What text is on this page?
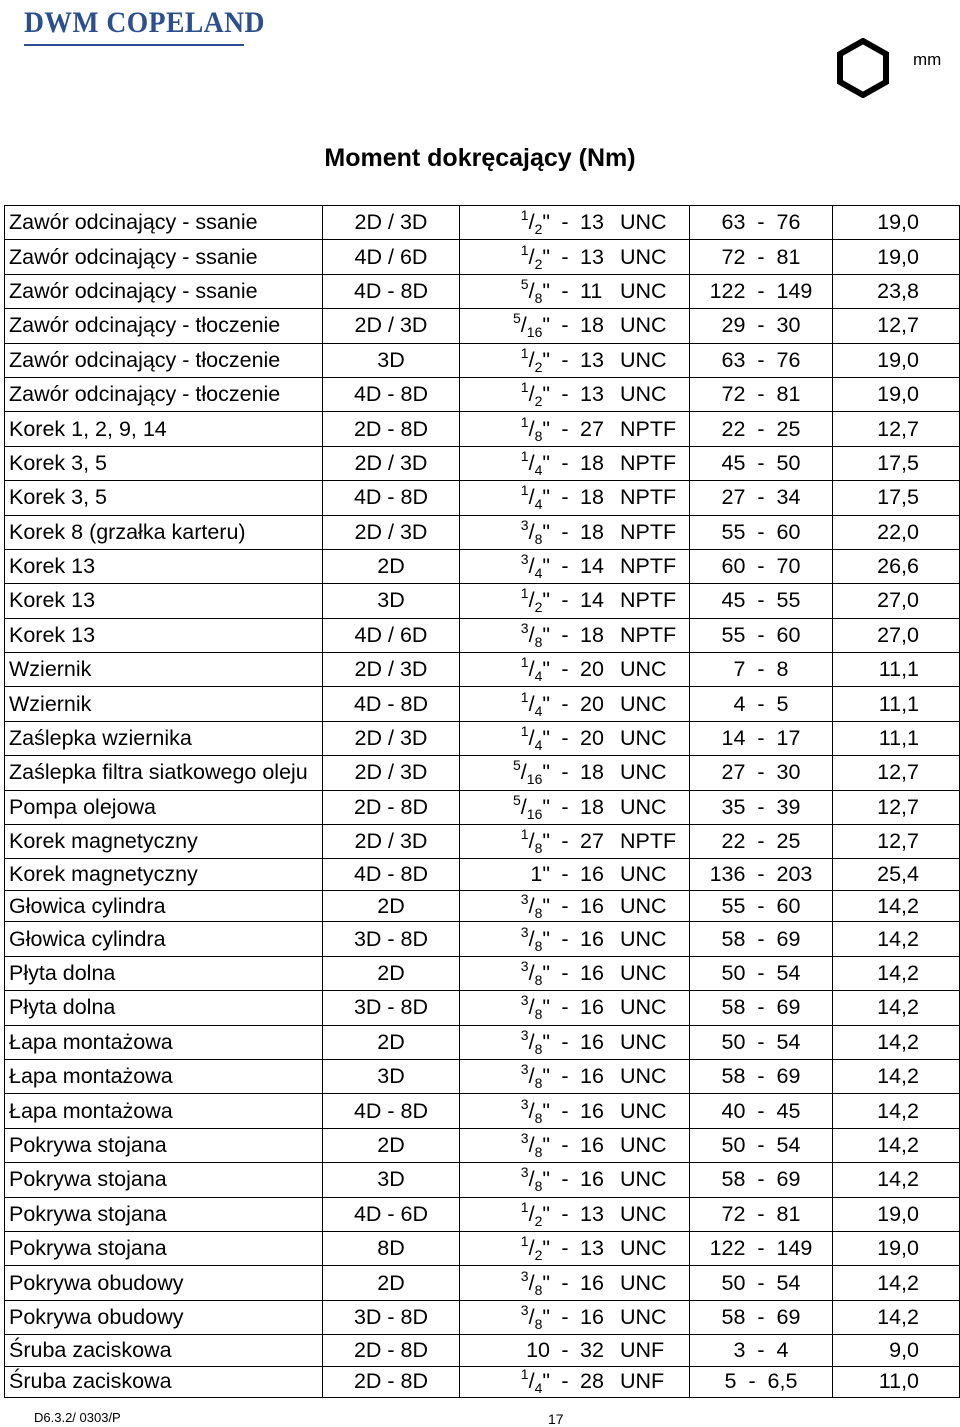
DWM COPELAND
mm
Moment dokręcający (Nm)
Zawór odcinający - ssanie	2D / 3D	$^1/_2$" - 13 UNC	63  -  76	19,0
Zawór odcinający - ssanie	4D / 6D	$^1/_2$" - 13 UNC	72  -  81	19,0
Zawór odcinający - ssanie	4D - 8D	$^5/_8$" - 11 UNC	122  -  149	23,8
Zawór odcinający - tłoczenie	2D / 3D	$^5/_{16}$" - 18 UNC	29  -  30	12,7
Zawór odcinający - tłoczenie	3D	$^1/_2$" - 13 UNC	63  -  76	19,0
Zawór odcinający - tłoczenie	4D - 8D	$^1/_2$" - 13 UNC	72  -  81	19,0
Korek 1, 2, 9, 14	2D - 8D	$^1/_8$" - 27 NPTF	22  -  25	12,7
Korek 3, 5	2D / 3D	$^1/_4$" - 18 NPTF	45  -  50	17,5
Korek 3, 5	4D - 8D	$^1/_4$" - 18 NPTF	27  -  34	17,5
Korek 8 (grzałka karteru)	2D / 3D	$^3/_8$" - 18 NPTF	55  -  60	22,0
Korek 13	2D	$^3/_4$" - 14 NPTF	60  -  70	26,6
Korek 13	3D	$^1/_2$" - 14 NPTF	45  -  55	27,0
Korek 13	4D / 6D	$^3/_8$" - 18 NPTF	55  -  60	27,0
Wziernik	2D / 3D	$^1/_4$" - 20 UNC	7  -  8	11,1
Wziernik	4D - 8D	$^1/_4$" - 20 UNC	4  -  5	11,1
Zaślepka wziernika	2D / 3D	$^1/_4$" - 20 UNC	14  -  17	11,1
Zaślepka filtra siatkowego oleju	2D / 3D	$^5/_{16}$" - 18 UNC	27  -  30	12,7
Pompa olejowa	2D - 8D	$^5/_{16}$" - 18 UNC	35  -  39	12,7
Korek magnetyczny	2D / 3D	$^1/_8$" - 27 NPTF	22  -  25	12,7
Korek magnetyczny	4D - 8D	1" - 16 UNC	136  -  203	25,4
Głowica cylindra	2D	$^3/_8$" - 16 UNC	55  -  60	14,2
Głowica cylindra	3D - 8D	$^3/_8$" - 16 UNC	58  -  69	14,2
Płyta dolna	2D	$^3/_8$" - 16 UNC	50  -  54	14,2
Płyta dolna	3D - 8D	$^3/_8$" - 16 UNC	58  -  69	14,2
Łapa montażowa	2D	$^3/_8$" - 16 UNC	50  -  54	14,2
Łapa montażowa	3D	$^3/_8$" - 16 UNC	58  -  69	14,2
Łapa montażowa	4D - 8D	$^3/_8$" - 16 UNC	40  -  45	14,2
Pokrywa stojana	2D	$^3/_8$" - 16 UNC	50  -  54	14,2
Pokrywa stojana	3D	$^3/_8$" - 16 UNC	58  -  69	14,2
Pokrywa stojana	4D - 6D	$^1/_2$" - 13 UNC	72  -  81	19,0
Pokrywa stojana	8D	$^1/_2$" - 13 UNC	122  -  149	19,0
Pokrywa obudowy	2D	$^3/_8$" - 16 UNC	50  -  54	14,2
Pokrywa obudowy	3D - 8D	$^3/_8$" - 16 UNC	58  -  69	14,2
Śruba zaciskowa	2D - 8D	10 - 32 UNF	3  -  4	9,0
Śruba zaciskowa	2D - 8D	$^1/_4$" - 28 UNF	5  -  6,5	11,0
D6.3.2/ 0303/P	17
